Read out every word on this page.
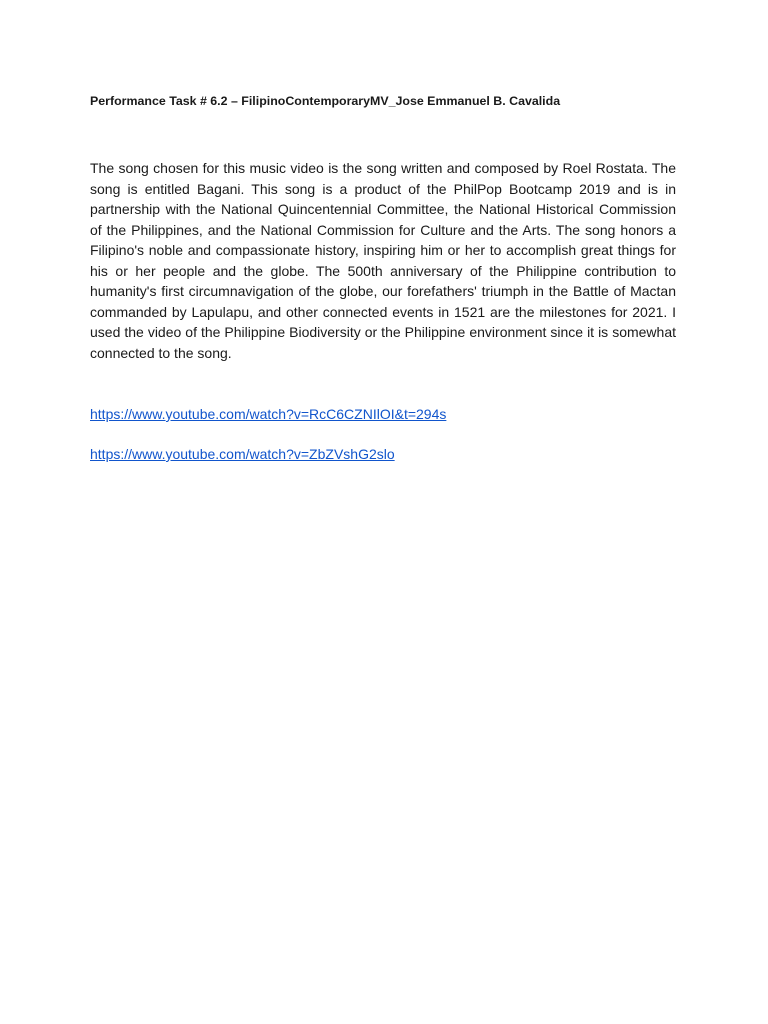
Performance Task # 6.2 – FilipinoContemporaryMV_Jose Emmanuel B. Cavalida

The song chosen for this music video is the song written and composed by Roel Rostata. The song is entitled Bagani. This song is a product of the PhilPop Bootcamp 2019 and is in partnership with the National Quincentennial Committee, the National Historical Commission of the Philippines, and the National Commission for Culture and the Arts. The song honors a Filipino's noble and compassionate history, inspiring him or her to accomplish great things for his or her people and the globe. The 500th anniversary of the Philippine contribution to humanity's first circumnavigation of the globe, our forefathers' triumph in the Battle of Mactan commanded by Lapulapu, and other connected events in 1521 are the milestones for 2021. I used the video of the Philippine Biodiversity or the Philippine environment since it is somewhat connected to the song.

https://www.youtube.com/watch?v=RcC6CZNIlOI&t=294s
https://www.youtube.com/watch?v=ZbZVshG2slo
